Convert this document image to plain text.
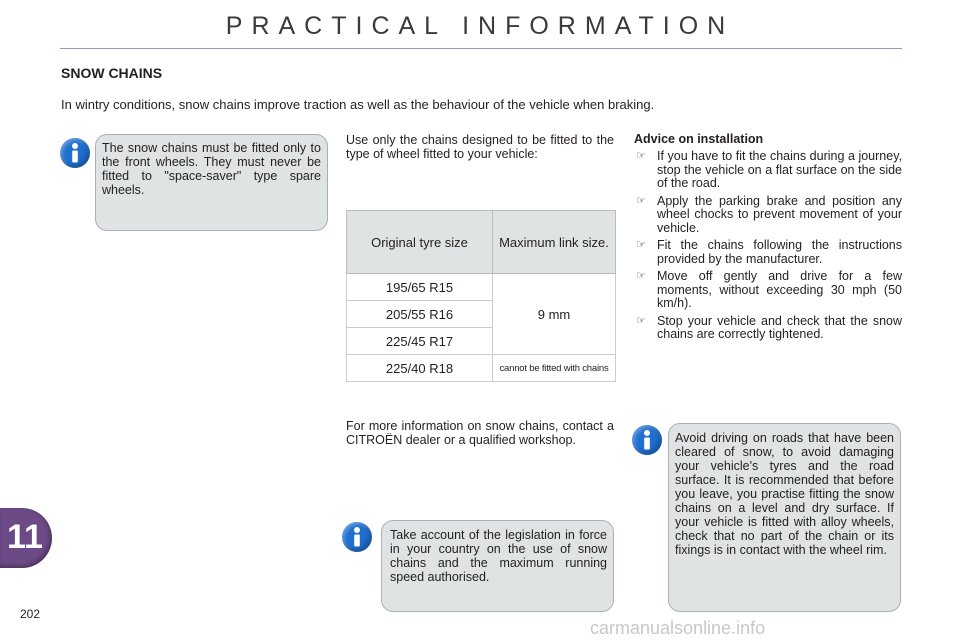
PRACTICAL INFORMATION
SNOW CHAINS
In wintry conditions, snow chains improve traction as well as the behaviour of the vehicle when braking.
The snow chains must be fitted only to the front wheels. They must never be fitted to "space-saver" type spare wheels.
Use only the chains designed to be fitted to the type of wheel fitted to your vehicle:
Original tyre size	Maximum link size.
195/65 R15	9 mm
205/55 R16	
225/45 R17	
225/40 R18	cannot be fitted with chains
For more information on snow chains, contact a CITROËN dealer or a qualified workshop.
Take account of the legislation in force in your country on the use of snow chains and the maximum running speed authorised.
Advice on installation
☞ If you have to fit the chains during a journey, stop the vehicle on a flat surface on the side of the road.
☞ Apply the parking brake and position any wheel chocks to prevent movement of your vehicle.
☞ Fit the chains following the instructions provided by the manufacturer.
☞ Move off gently and drive for a few moments, without exceeding 30 mph (50 km/h).
☞ Stop your vehicle and check that the snow chains are correctly tightened.
Avoid driving on roads that have been cleared of snow, to avoid damaging your vehicle's tyres and the road surface. It is recommended that before you leave, you practise fitting the snow chains on a level and dry surface. If your vehicle is fitted with alloy wheels, check that no part of the chain or its fixings is in contact with the wheel rim.
11
202
carmanualsonline.info
